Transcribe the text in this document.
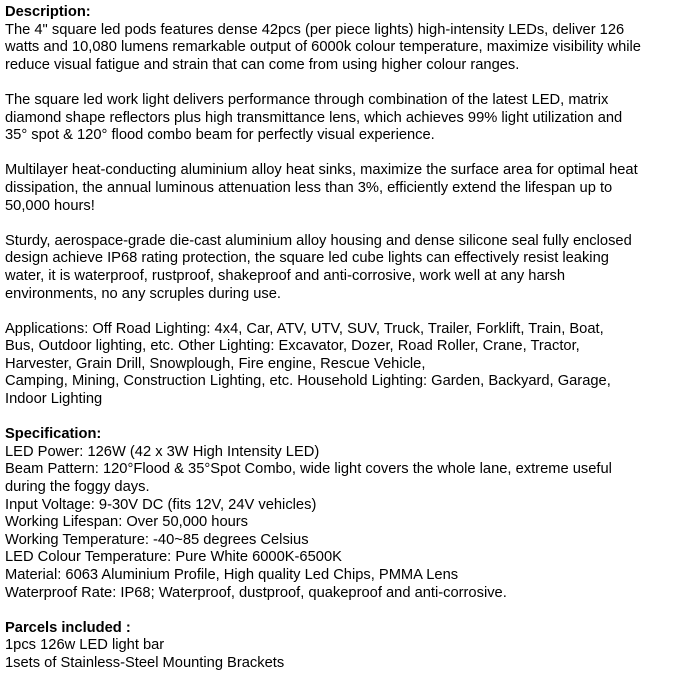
Description:
The 4" square led pods features dense 42pcs (per piece lights) high-intensity LEDs, deliver 126
watts and 10,080 lumens remarkable output of 6000k colour temperature, maximize visibility while
reduce visual fatigue and strain that can come from using higher colour ranges.
The square led work light delivers performance through combination of the latest LED, matrix
diamond shape reflectors plus high transmittance lens, which achieves 99% light utilization and
35° spot & 120° flood combo beam for perfectly visual experience.
Multilayer heat-conducting aluminium alloy heat sinks, maximize the surface area for optimal heat
dissipation, the annual luminous attenuation less than 3%, efficiently extend the lifespan up to
50,000 hours!
Sturdy, aerospace-grade die-cast aluminium alloy housing and dense silicone seal fully enclosed
design achieve IP68 rating protection, the square led cube lights can effectively resist leaking
water, it is waterproof, rustproof, shakeproof and anti-corrosive, work well at any harsh
environments, no any scruples during use.
Applications: Off Road Lighting: 4x4, Car, ATV, UTV, SUV, Truck, Trailer, Forklift, Train, Boat,
Bus, Outdoor lighting, etc. Other Lighting: Excavator, Dozer, Road Roller, Crane, Tractor,
Harvester, Grain Drill, Snowplough, Fire engine, Rescue Vehicle,
Camping, Mining, Construction Lighting, etc. Household Lighting: Garden, Backyard, Garage,
Indoor Lighting
Specification:
LED Power: 126W (42 x 3W High Intensity LED)
Beam Pattern: 120°Flood & 35°Spot Combo, wide light covers the whole lane, extreme useful
during the foggy days.
Input Voltage: 9-30V DC (fits 12V, 24V vehicles)
Working Lifespan: Over 50,000 hours
Working Temperature: -40~85 degrees Celsius
LED Colour Temperature: Pure White 6000K-6500K
Material: 6063 Aluminium Profile, High quality Led Chips, PMMA Lens
Waterproof Rate: IP68; Waterproof, dustproof, quakeproof and anti-corrosive.
Parcels included :
1pcs 126w LED light bar
1sets of Stainless-Steel Mounting Brackets
